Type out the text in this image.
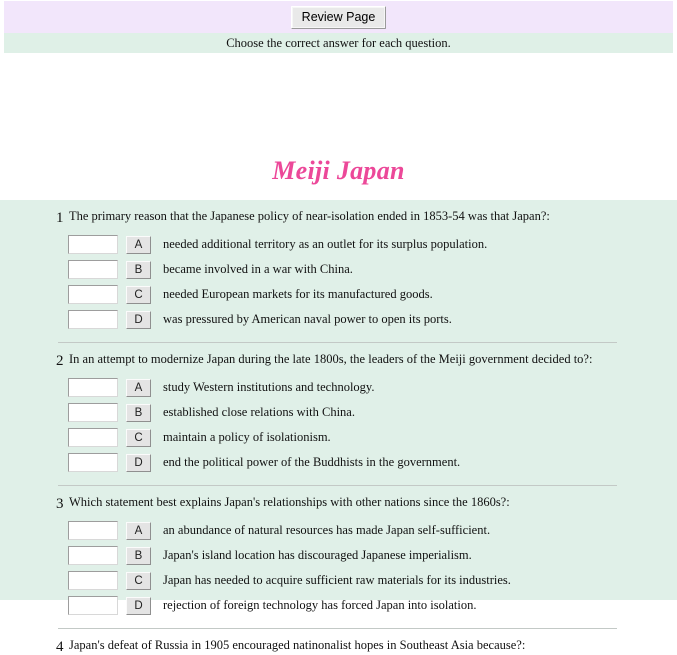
Review Page
Choose the correct answer for each question.
Meiji Japan
1 The primary reason that the Japanese policy of near-isolation ended in 1853-54 was that Japan?:
A	needed additional territory as an outlet for its surplus population.
B	became involved in a war with China.
C	needed European markets for its manufactured goods.
D	was pressured by American naval power to open its ports.
2 In an attempt to modernize Japan during the late 1800s, the leaders of the Meiji government decided to?:
A	study Western institutions and technology.
B	established close relations with China.
C	maintain a policy of isolationism.
D	end the political power of the Buddhists in the government.
3 Which statement best explains Japan's relationships with other nations since the 1860s?:
A	an abundance of natural resources has made Japan self-sufficient.
B	Japan's island location has discouraged Japanese imperialism.
C	Japan has needed to acquire sufficient raw materials for its industries.
D	rejection of foreign technology has forced Japan into isolation.
4 Japan's defeat of Russia in 1905 encouraged natinonalist hopes in Southeast Asia because?:
